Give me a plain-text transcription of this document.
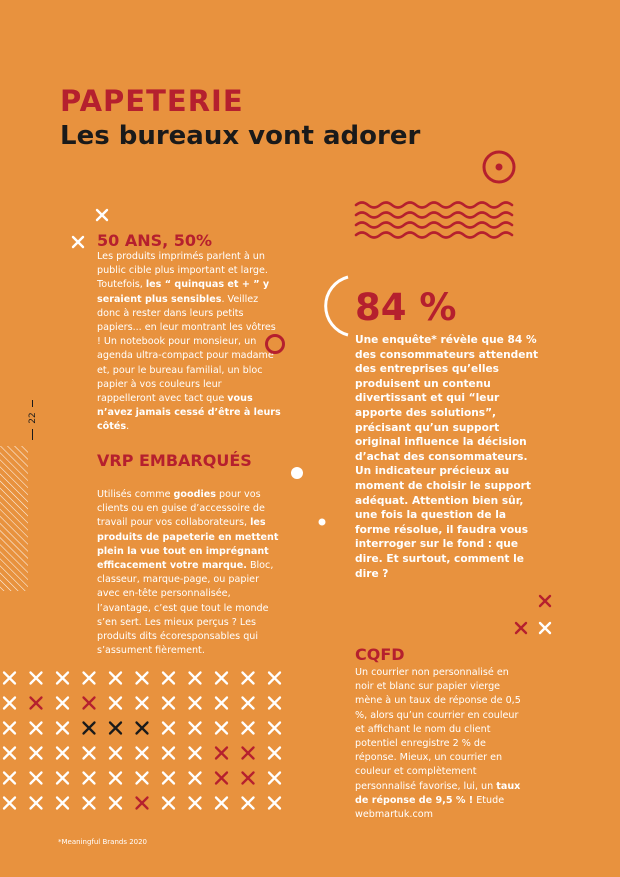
PAPETERIE
Les bureaux vont adorer
50 ANS, 50%
Les produits imprimés parlent à un public cible plus important et large. Toutefois, les “ quinquas et + ” y seraient plus sensibles. Veillez donc à rester dans leurs petits papiers... en leur montrant les vôtres ! Un notebook pour monsieur, un agenda ultra-compact pour madame et, pour le bureau familial, un bloc papier à vos couleurs leur rappelleront avec tact que vous n’avez jamais cessé d’être à leurs côtés.
22
VRP EMBARQUÉS
Utilisés comme goodies pour vos clients ou en guise d’accessoire de travail pour vos collaborateurs, les produits de papeterie en mettent plein la vue tout en imprégnant efficacement votre marque. Bloc, classeur, marque-page, ou papier avec en-tête personnalisée, l’avantage, c’est que tout le monde s’en sert. Les mieux perçus ? Les produits dits écoresponsables qui s’assument fièrement.
84 %
Une enquête* révèle que 84 % des consommateurs attendent des entreprises qu’elles produisent un contenu divertissant et qui “leur apporte des solutions”, précisant qu’un support original influence la décision d’achat des consommateurs. Un indicateur précieux au moment de choisir le support adéquat. Attention bien sûr, une fois la question de la forme résolue, il faudra vous interroger sur le fond : que dire. Et surtout, comment le dire ?
CQFD
Un courrier non personnalisé en noir et blanc sur papier vierge mène à un taux de réponse de 0,5 %, alors qu’un courrier en couleur et affichant le nom du client potentiel enregistre 2 % de réponse. Mieux, un courrier en couleur et complètement personnalisé favorise, lui, un taux de réponse de 9,5 % ! Etude webmartuk.com
*Meaningful Brands 2020
